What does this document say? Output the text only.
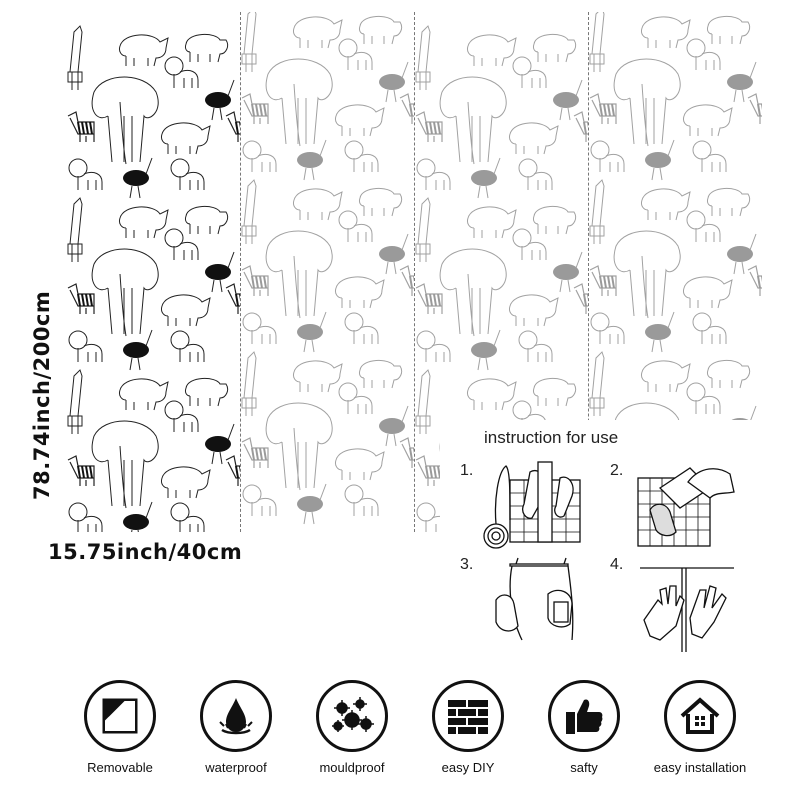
78.74inch/200cm
15.75inch/40cm
instruction for use
1.	2.
3.	4.
Removable	waterproof	mouldproof	easy DIY	safty	easy installation
